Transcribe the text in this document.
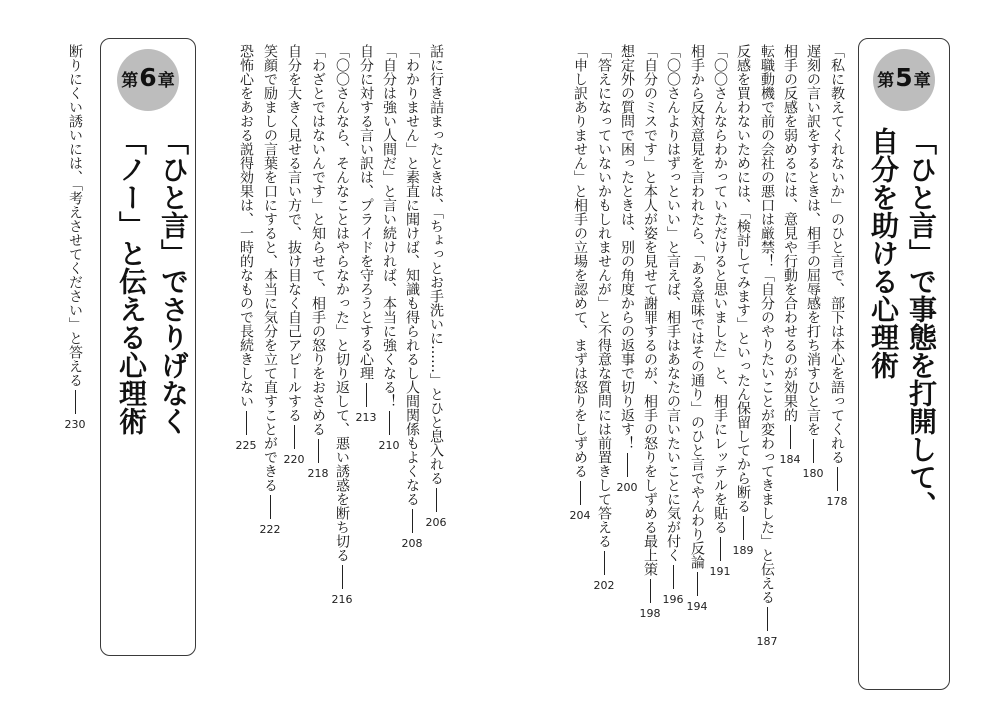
第 5 章
「ひと言」で事態を打開して、
自分を助ける心理術
「私に教えてくれないか」のひと言で、部下は本心を語ってくれる
178
遅刻の言い訳をするときは、相手の屈辱感を打ち消すひと言を
180
相手の反感を弱めるには、意見や行動を合わせるのが効果的
184
転職動機で前の会社の悪口は厳禁！「自分のやりたいことが変わってきました」と伝える
187
反感を買わないためには、「検討してみます」といったん保留してから断る
189
「〇〇さんならわかっていただけると思いました」と、相手にレッテルを貼る
191
相手から反対意見を言われたら、「ある意味ではその通り」のひと言でやんわり反論
194
「〇〇さんよりはずっといい」と言えば、相手はあなたの言いたいことに気が付く
196
「自分のミスです」と本人が姿を見せて謝罪するのが、相手の怒りをしずめる最上策
198
想定外の質問で困ったときは、別の角度からの返事で切り返す！
200
「答えになっていないかもしれませんが」と不得意な質問には前置きして答える
202
「申し訳ありません」と相手の立場を認めて、まずは怒りをしずめる
204
話に行き詰まったときは、「ちょっとお手洗いに……」とひと息入れる
206
「わかりません」と素直に聞けば、知識も得られるし人間関係もよくなる
208
「自分は強い人間だ」と言い続ければ、本当に強くなる！
210
自分に対する言い訳は、プライドを守ろうとする心理
213
「〇〇さんなら、そんなことはやらなかった」と切り返して、悪い誘惑を断ち切る
216
「わざとではないんです」と知らせて、相手の怒りをおさめる
218
自分を大きく見せる言い方で、抜け目なく自己アピールする
220
笑顔で励ましの言葉を口にすると、本当に気分を立て直すことができる
222
恐怖心をあおる説得効果は、一時的なもので長続きしない
225
第 6 章
「ひと言」でさりげなく
「ノー」と伝える心理術
断りにくい誘いには、「考えさせてください」と答える
230
